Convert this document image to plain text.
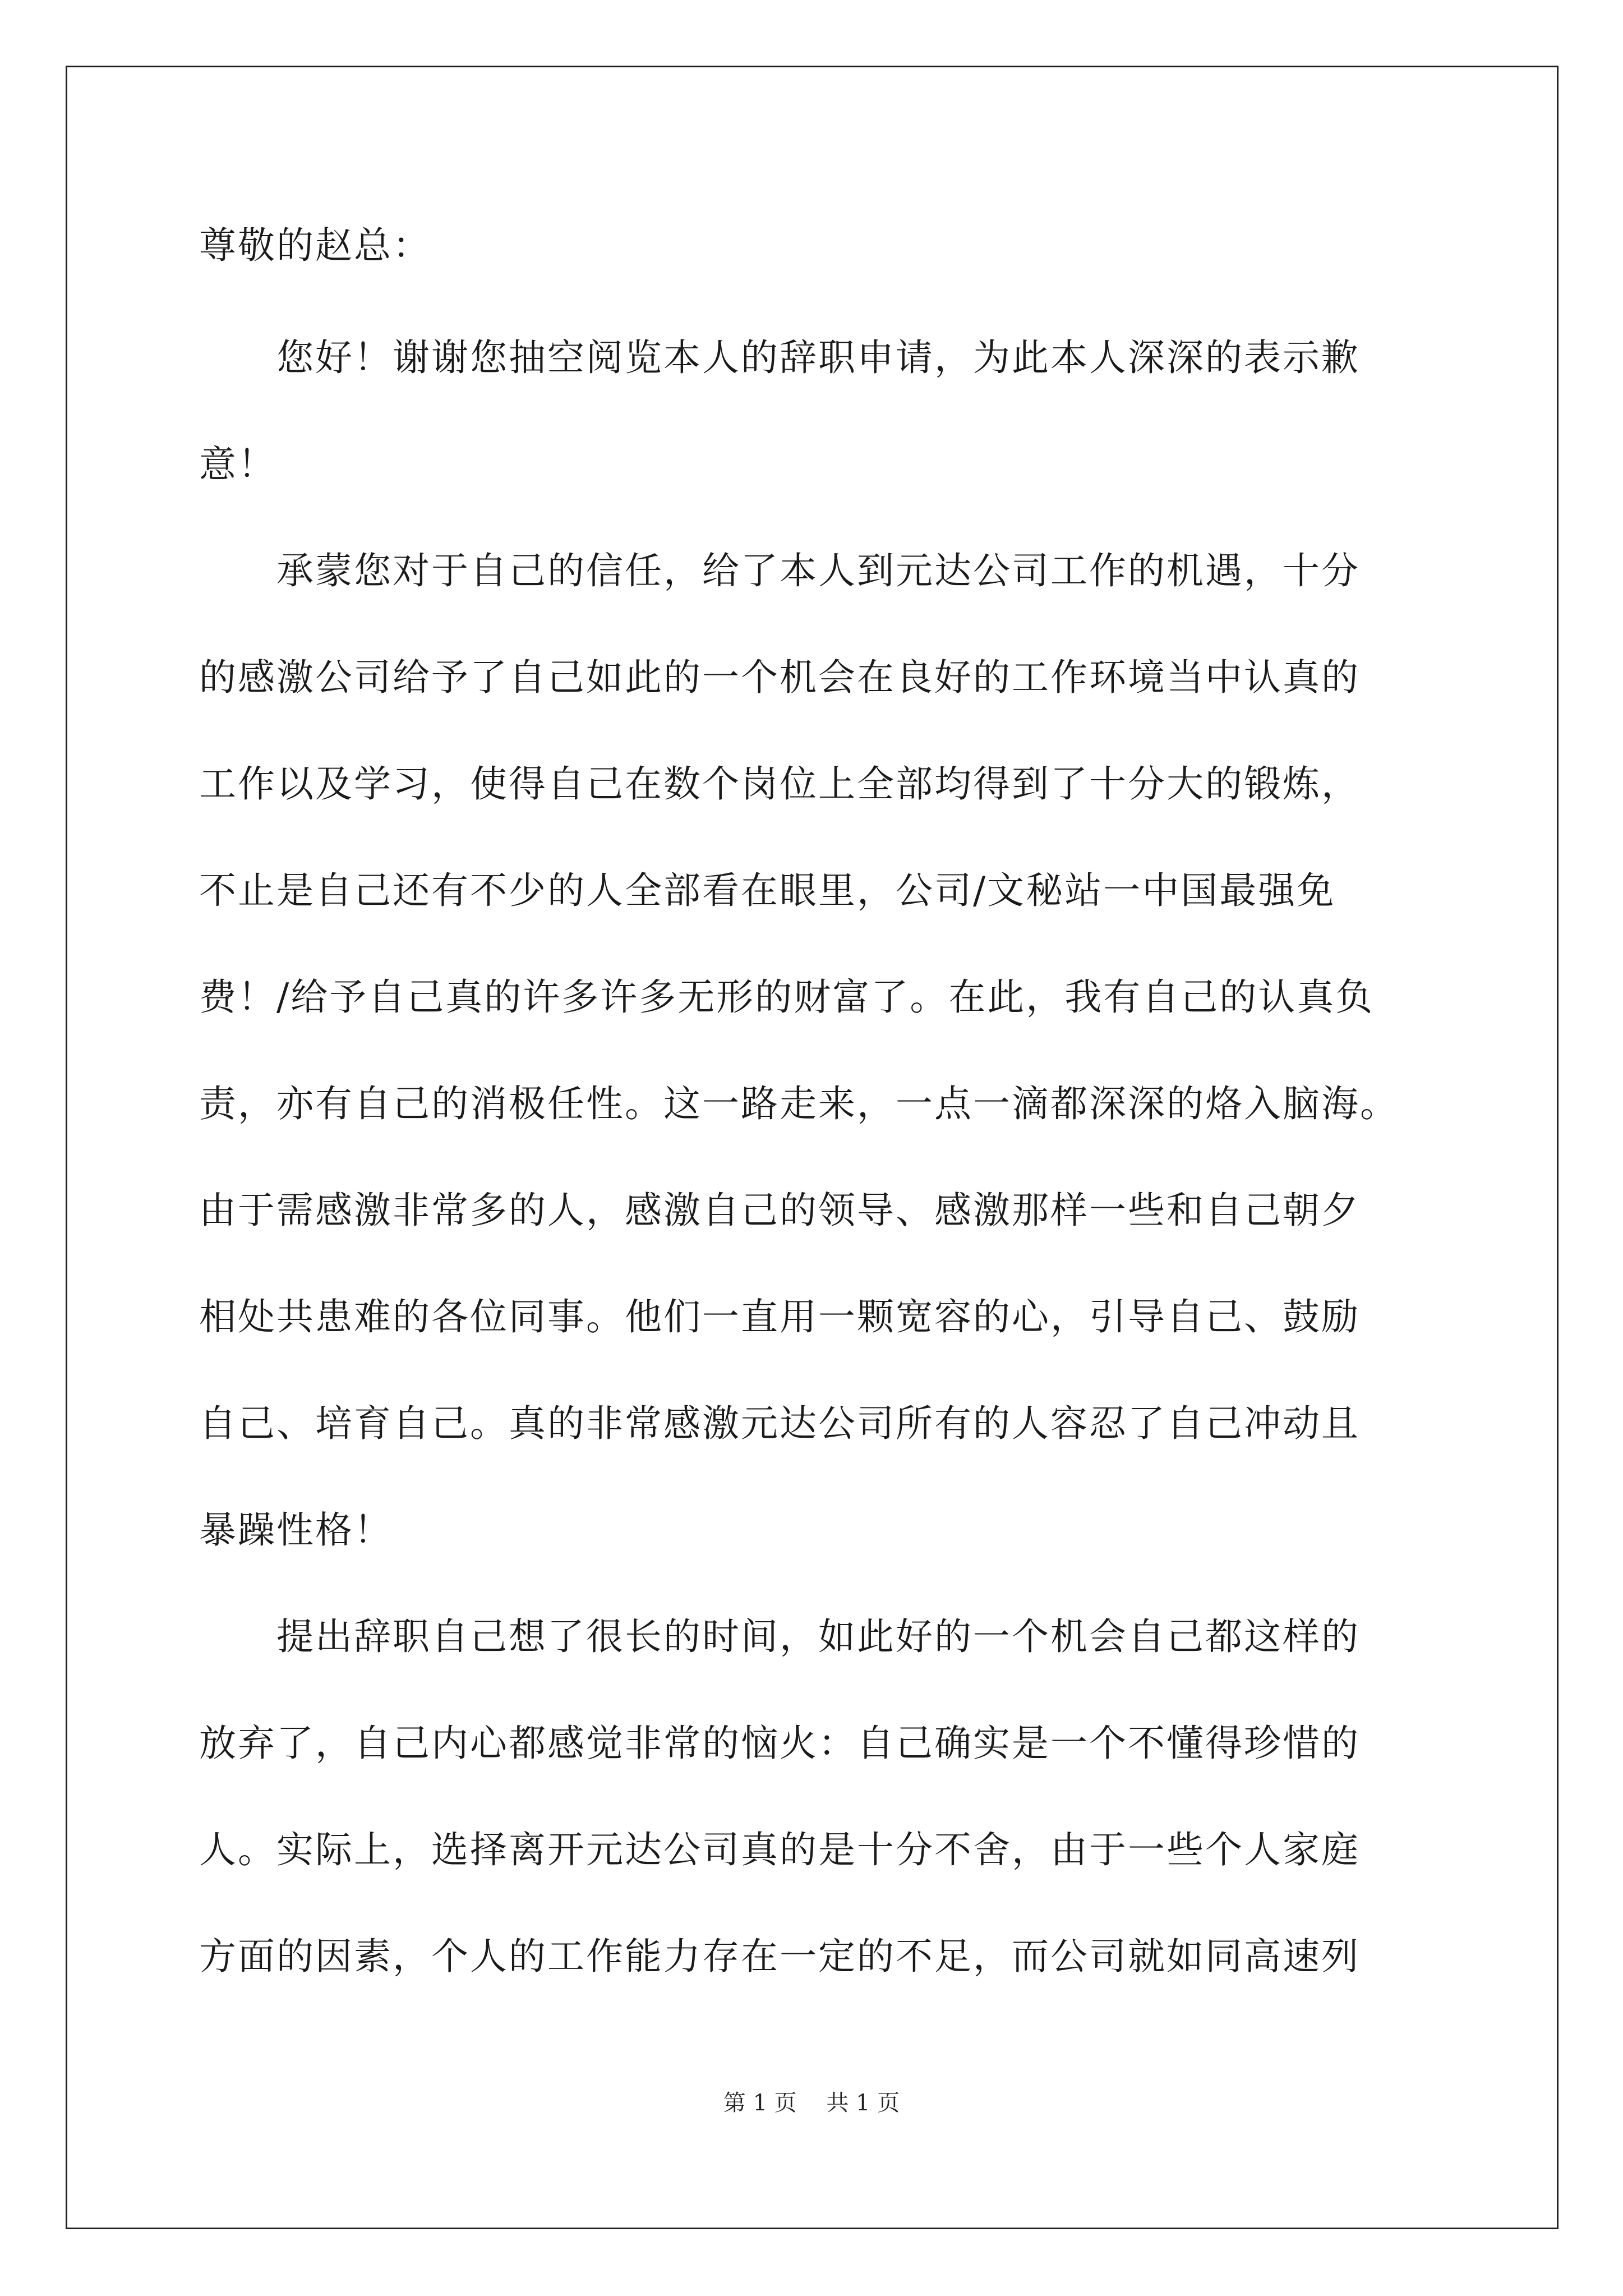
尊敬的赵总：
　　您好！谢谢您抽空阅览本人的辞职申请，为此本人深深的表示歉
意！
　　承蒙您对于自己的信任，给了本人到元达公司工作的机遇，十分
的感激公司给予了自己如此的一个机会在良好的工作环境当中认真的
工作以及学习，使得自己在数个岗位上全部均得到了十分大的锻炼，
不止是自己还有不少的人全部看在眼里，公司/文秘站一中国最强免
费！/给予自己真的许多许多无形的财富了。在此，我有自己的认真负
责，亦有自己的消极任性。这一路走来，一点一滴都深深的烙入脑海。
由于需感激非常多的人，感激自己的领导、感激那样一些和自己朝夕
相处共患难的各位同事。他们一直用一颗宽容的心，引导自己、鼓励
自己、培育自己。真的非常感激元达公司所有的人容忍了自己冲动且
暴躁性格！
　　提出辞职自己想了很长的时间，如此好的一个机会自己都这样的
放弃了，自己内心都感觉非常的恼火：自己确实是一个不懂得珍惜的
人。实际上，选择离开元达公司真的是十分不舍，由于一些个人家庭
方面的因素，个人的工作能力存在一定的不足，而公司就如同高速列
第 1 页　 共 1 页
